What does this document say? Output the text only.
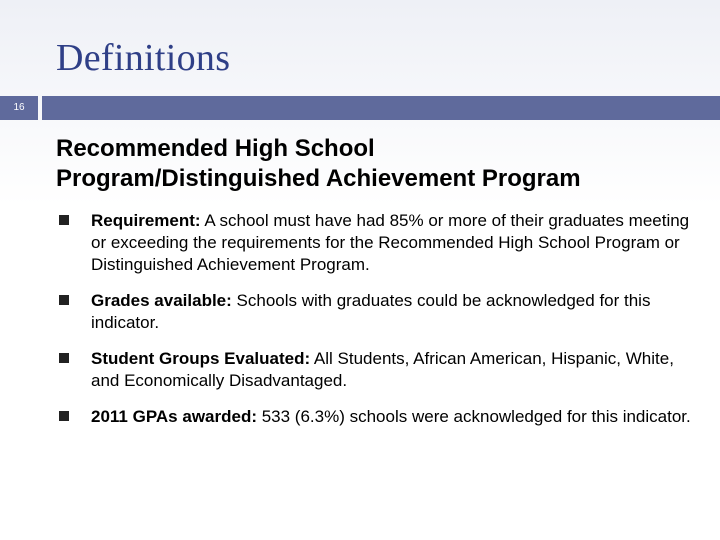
Definitions
16
Recommended High School
Program/Distinguished Achievement Program
Requirement: A school must have had 85% or more of their graduates meeting or exceeding the requirements for the Recommended High School Program or Distinguished Achievement Program.
Grades available: Schools with graduates could be acknowledged for this indicator.
Student Groups Evaluated: All Students, African American, Hispanic, White, and Economically Disadvantaged.
2011 GPAs awarded: 533 (6.3%) schools were acknowledged for this indicator.
